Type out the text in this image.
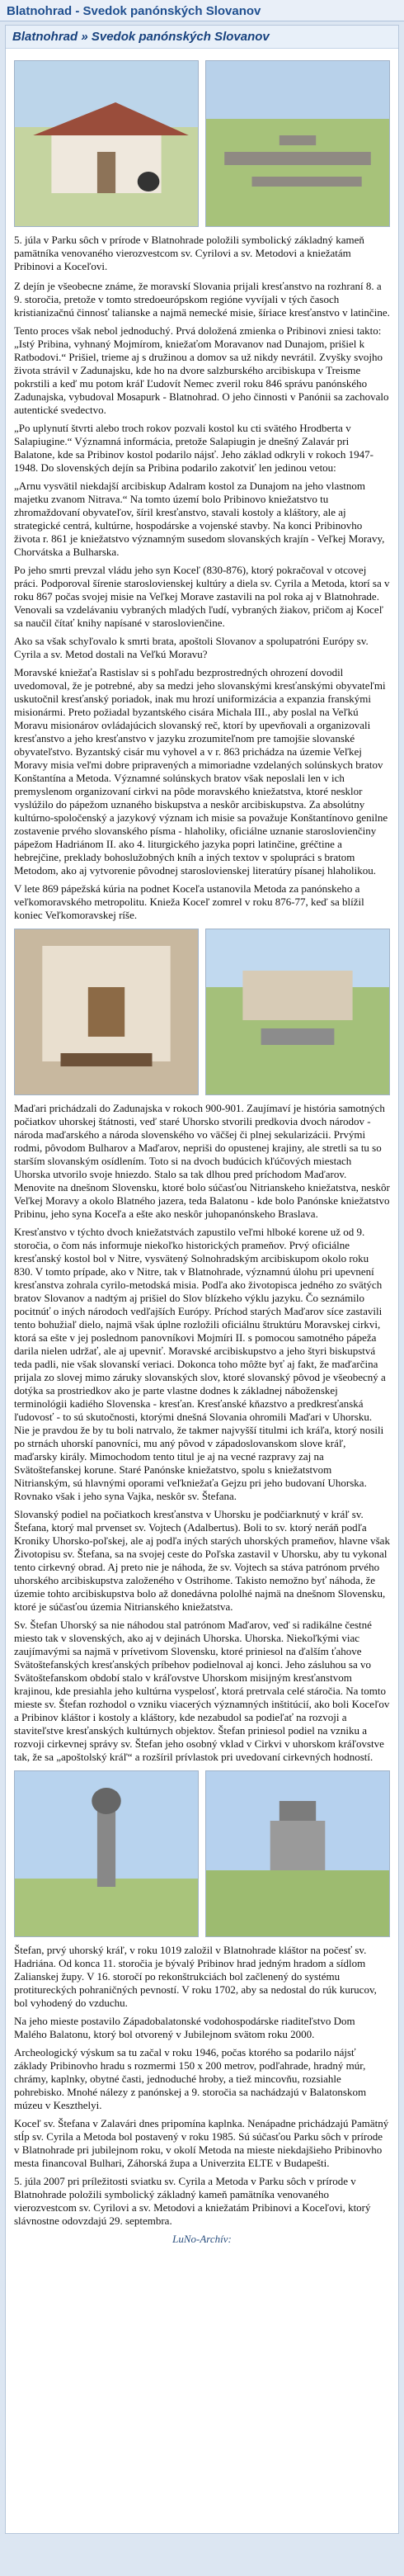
Blatnohrad - Svedok panónských Slovanov
Blatnohrad » Svedok panónských Slovanov
5. júla v Parku sôch v prírode v Blatnohrade položili symbolický základný kameň pamätníka venovaného vierozvestcom sv. Cyrilovi a sv. Metodovi a kniežatám Pribinovi a Koceľovi.

Z dejín je všeobecne známe, že moravskí Slovania prijali kresťanstvo na rozhraní 8. a 9. storočia, pretože v tomto stredoeurópskom regióne vyvíjali v tých časoch kristianizačnú činnosť talianske a najmä nemecké misie, šíriace kresťanstvo v latinčine.

Tento proces však nebol jednoduchý. Prvá doložená zmienka o Pribinovi zniesi takto: „Istý Pribina, vyhnaný Mojmírom, kniežaťom Moravanov nad Dunajom, prišiel k Ratbodovi.“ Prišiel, trieme aj s družinou a domov sa už nikdy nevrátil. Zvyšky svojho života strávil v Zadunajsku, kde ho na dvore salzburského arcibiskupa v Treisme pokrstili a keď mu potom kráľ Ľudovít Nemec zveril roku 846 správu panónského Zadunajska, vybudoval Mosapurk - Blatnohrad. O jeho činnosti v Panónii sa zachovalo autentické svedectvo.

„Po uplynutí štvrti alebo troch rokov pozvali kostol ku cti svätého Hrodberta v Salapiugine.“ Významná informácia, pretože Salapiugin je dnešný Zalavár pri Balatone, kde sa Pribinov kostol podarilo nájsť. Jeho základ odkryli v rokoch 1947-1948. Do slovenských dejín sa Pribina podarilo zakotviť len jedinou vetou:

„Arnu vysvätil niekdajší arcibiskup Adalram kostol za Dunajom na jeho vlastnom majetku zvanom Nitrava.“ Na tomto území bolo Pribinovo kniežatstvo tu zhromaždovaní obyvateľov, šíril kresťanstvo, stavali kostoly a kláštory, ale aj strategické centrá, kultúrne, hospodárske a vojenské stavby. Na konci Pribinovho života r. 861 je kniežatstvo významným susedom slovanských krajín - Veľkej Moravy, Chorvátska a Bulharska.

Po jeho smrti prevzal vládu jeho syn Koceľ (830-876), ktorý pokračoval v otcovej práci. Podporoval šírenie staroslovienskej kultúry a diela sv. Cyrila a Metoda, ktorí sa v roku 867 počas svojej misie na Veľkej Morave zastavili na pol roka aj v Blatnohrade. Venovali sa vzdelávaniu vybraných mladých ľudí, vybraných žiakov, pričom aj Koceľ sa naučil čítať knihy napísané v staroslovienčine.

Ako sa však schyľovalo k smrti brata, apoštoli Slovanov a spolupatróni Európy sv. Cyrila a sv. Metod dostali na Veľkú Moravu?

Moravské kniežaťa Rastislav si s pohľadu bezprostredných ohrození dovodil uvedomoval, že je potrebné, aby sa medzi jeho slovanskými kresťanskými obyvateľmi uskutočnil kresťanský poriadok, inak mu hrozí uniformizácia a expanzia franskými misionármi. Preto požiadal byzantského cisára Michala III., aby poslal na Veľkú Moravu misionárov ovládajúcich slovanský reč, ktorí by upevňovali a organizovali kresťanstvo a jeho kresťanstvo v jazyku zrozumiteľnom pre tamojšie slovanské obyvateľstvo. Byzantský cisár mu vyhovel a v r. 863 prichádza na územie Veľkej Moravy misia veľmi dobre pripravených a mimoriadne vzdelaných solúnskych bratov Konštantína a Metoda. Významné solúnskych bratov však neposlali len v ich premyslenom organizovaní cirkvi na pôde moravského kniežatstva, ktoré nesklor vyslúžilo do pápežom uznaného biskupstva a neskôr arcibiskupstva. Za absolútny kultúrno-spoločenský a jazykový význam ich misie sa považuje Konštantínovo genilne zostavenie prvého slovanského písma - hlaholiky, oficiálne uznanie staroslovienčiny pápežom Hadriánom II. ako 4. liturgického jazyka popri latinčine, gréčtine a hebrejčine, preklady bohoslužobných kníh a iných textov v spolupráci s bratom Metodom, ako aj vytvorenie pôvodnej staroslovienskej literatúry písanej hlaholikou.

V lete 869 pápežská kúria na podnet Koceľa ustanovila Metoda za panónskeho a veľkomoravského metropolitu. Knieža Koceľ zomrel v roku 876-77, keď sa blížil koniec Veľkomoravskej ríše.

Maďari prichádzali do Zadunajska v rokoch 900-901. Zaujímaví je história samotných počiatkov uhorskej štátnosti, veď staré Uhorsko stvorili predkovia dvoch národov - národa maďarského a národa slovenského vo väčšej či plnej sekularizácii. Prvými rodmi, pôvodom Bulharov a Maďarov, nepriši do opustenej krajiny, ale stretli sa tu so starším slovanským osídlením. Toto si na dvoch budúcich kľúčových miestach Uhorska utvorilo svoje hniezdo. Stalo sa tak dlhou pred príchodom Maďarov. Menovite na dnešnom Slovensku, ktoré bolo súčasťou Nitrianskeho kniežatstva, neskôr Veľkej Moravy a okolo Blatného jazera, teda Balatonu - kde bolo Panónske kniežatstvo Pribinu, jeho syna Koceľa a ešte ako neskôr juhopanónskeho Braslava.

Kresťanstvo v týchto dvoch kniežatstvách zapustilo veľmi hlboké korene už od 9. storočia, o čom nás informuje niekoľko historických prameňov. Prvý oficiálne kresťanský kostol bol v Nitre, vysvätený Solnohradským arcibiskupom okolo roku 830. V tomto prípade, ako v Nitre, tak v Blatnohrade, významnú úlohu pri upevnení kresťanstva zohrala cyrilo-metodská misia. Podľa ako životopisca jedného zo svätých bratov Slovanov a nadtým aj prišiel do Slov blízkeho výklu jazyku. Čo seznámilo pocitnúť o iných národoch vedľajších Európy. Príchod starých Maďarov síce zastavili tento bohužiaľ dielo, najmä však úplne rozložili oficiálnu štruktúru Moravskej cirkvi, ktorá sa ešte v jej poslednom panovníkovi Mojmíri II. s pomocou samotného pápeža darila nielen udržať, ale aj upevniť. Moravské arcibiskupstvo a jeho štyri biskupstvá teda padli, nie však slovanskí veriaci. Dokonca toho môžte byť aj fakt, že maďarčina prijala zo slovej mimo záruky slovanských slov, ktoré slovanský pôvod je všeobecný a dotýka sa prostriedkov ako je parte vlastne dodnes k základnej náboženskej terminológii kadiého Slovenska - kresťan. Kresťanské kňazstvo a predkresťanská ľudovosť - to sú skutočnosti, ktorými dnešná Slovania ohromili Maďari v Uhorsku. Nie je pravdou že by tu boli natrvalo, že takmer najvyšší titulmi ich kráľa, ktorý nosili po strnách uhorskí panovníci, mu aný pôvod v západoslovanskom slove kráľ, maďarsky király. Mimochodom tento titul je aj na vecné razpravy zaj na Svätoštefanskej korune. Staré Panónske kniežatstvo, spolu s kniežatstvom Nitrianským, sú hlavnými oporami veľkniežaťa Gejzu pri jeho budovaní Uhorska. Rovnako však i jeho syna Vajka, neskôr sv. Štefana.

Slovanský podiel na počiatkoch kresťanstva v Uhorsku je podčiarknutý v kráľ sv. Štefana, ktorý mal prvenset sv. Vojtech (Adalbertus). Boli to sv. ktorý neráň podľa Kroniky Uhorsko-poľskej, ale aj podľa iných starých uhorských prameňov, hlavne však Životopisu sv. Štefana, sa na svojej ceste do Poľska zastavil v Uhorsku, aby tu vykonal tento cirkevný obrad. Aj preto nie je náhoda, že sv. Vojtech sa stáva patrónom prvého uhorského arcibiskupstva založeného v Ostrihome. Takisto nemožno byť náhoda, že územie tohto arcibiskupstva bolo až donedávna pololhé najmä na dnešnom Slovensku, ktoré je súčasťou územia Nitrianského kniežatstva.

Sv. Štefan Uhorský sa nie náhodou stal patrónom Maďarov, veď si radikálne čestné miesto tak v slovenských, ako aj v dejinách Uhorska. Uhorska. Niekoľkými viac zaujímavými sa najmä v prívetivom Slovensku, ktoré priniesol na ďalším ťahove Svätoštefanských kresťanských príbehov podielnoval aj konci. Jeho zásluhou sa vo Svätoštefanskom období stalo v kráľovstve Uhorskom misijným kresťanstvom krajinou, kde presiahla jeho kultúrna vyspelosť, ktorá pretrvala celé stáročia. Na tomto mieste sv. Štefan rozhodol o vzniku viacerých významných inštitúcií, ako boli Koceľov a Pribinov kláštor i kostoly a kláštory, kde nezabudol sa podieľať na rozvoji a staviteľstve kresťanských kultúrnych objektov. Štefan priniesol podiel na vzniku a rozvoji cirkevnej správy sv. Štefan jeho osobný vklad v Cirkvi v uhorskom kráľovstve tak, že sa „apoštolský kráľ“ a rozšíril prívlastok pri uvedovaní cirkevných hodností.

Štefan, prvý uhorský kráľ, v roku 1019 založil v Blatnohrade kláštor na počesť sv. Hadriána. Od konca 11. storočia je bývalý Pribinov hrad jedným hradom a sídlom Zalianskej župy. V 16. storočí po rekonštrukciách bol začlenený do systému protitureckých pohraničných pevností. V roku 1702, aby sa nedostal do rúk kurucov, bol vyhodený do vzduchu.

Na jeho mieste postavilo Západobalatonské vodohospodárske riaditeľstvo Dom Malého Balatonu, ktorý bol otvorený v Jubilejnom svätom roku 2000.

Archeologický výskum sa tu začal v roku 1946, počas ktorého sa podarilo nájsť základy Pribinovho hradu s rozmermi 150 x 200 metrov, podľahrade, hradný múr, chrámy, kaplnky, obytné časti, jednoduché hroby, a tiež mincovňu, rozsiahle pohrebisko. Mnohé nálezy z panónskej a 9. storočia sa nachádzajú v Balatonskom múzeu v Keszthelyi.

Koceľ sv. Štefana v Zalavári dnes pripomína kaplnka. Nenápadne prichádzajú Pamätný stĺp sv. Cyrila a Metoda bol postavený v roku 1985. Sú súčasťou Parku sôch v prírode v Blatnohrade pri jubilejnom roku, v okolí Metoda na mieste niekdajšieho Pribinovho mesta financoval Bulhari, Záhorská župa a Univerzita ELTE v Budapešti.

5. júla 2007 pri príležitosti sviatku sv. Cyrila a Metoda v Parku sôch v prírode v Blatnohrade položili symbolický základný kameň pamätníka venovaného vierozvestcom sv. Cyrilovi a sv. Metodovi a kniežatám Pribinovi a Koceľovi, ktorý slávnostne odovzdajú 29. septembra.

LuNo-Archív:
